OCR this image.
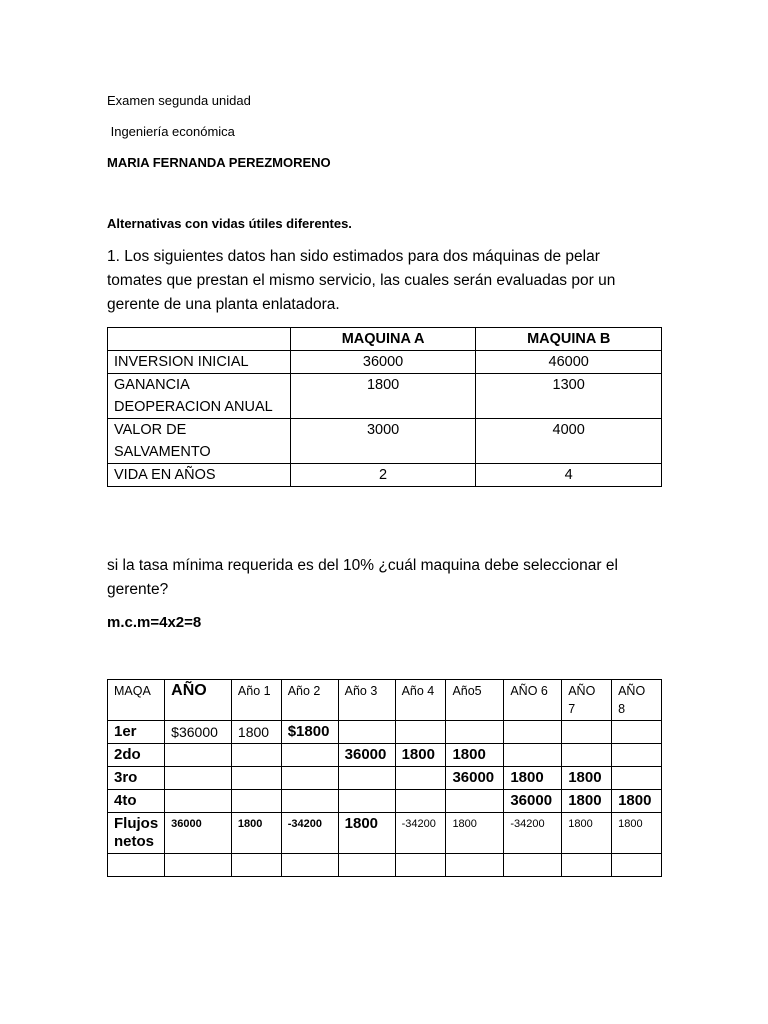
Examen segunda unidad
Ingeniería económica
MARIA FERNANDA PEREZMORENO
Alternativas con vidas útiles diferentes.
1. Los siguientes datos han sido estimados para dos máquinas de pelar
tomates que prestan el mismo servicio, las cuales serán evaluadas por un
gerente de una planta enlatadora.
	MAQUINA A	MAQUINA B
INVERSION INICIAL	36000	46000

GANANCIA
DEOPERACION ANUAL	1800	1300

VALOR DE
SALVAMENTO	3000	4000
VIDA EN AÑOS	2	4
si la tasa mínima requerida es del 10% ¿cuál maquina debe seleccionar el
gerente?
m.c.m=4x2=8
MAQA	AÑO	Año 1	Año 2	Año 3	Año 4	Año5	AÑO 6	AÑO 7	AÑO 8
1er	$36000	1800	$1800						
2do				36000	1800	1800			
3ro						36000	1800	1800	
4to							36000	1800	1800

Flujos
netos	36000	1800	-34200	1800	-34200	1800	-34200	1800	1800
